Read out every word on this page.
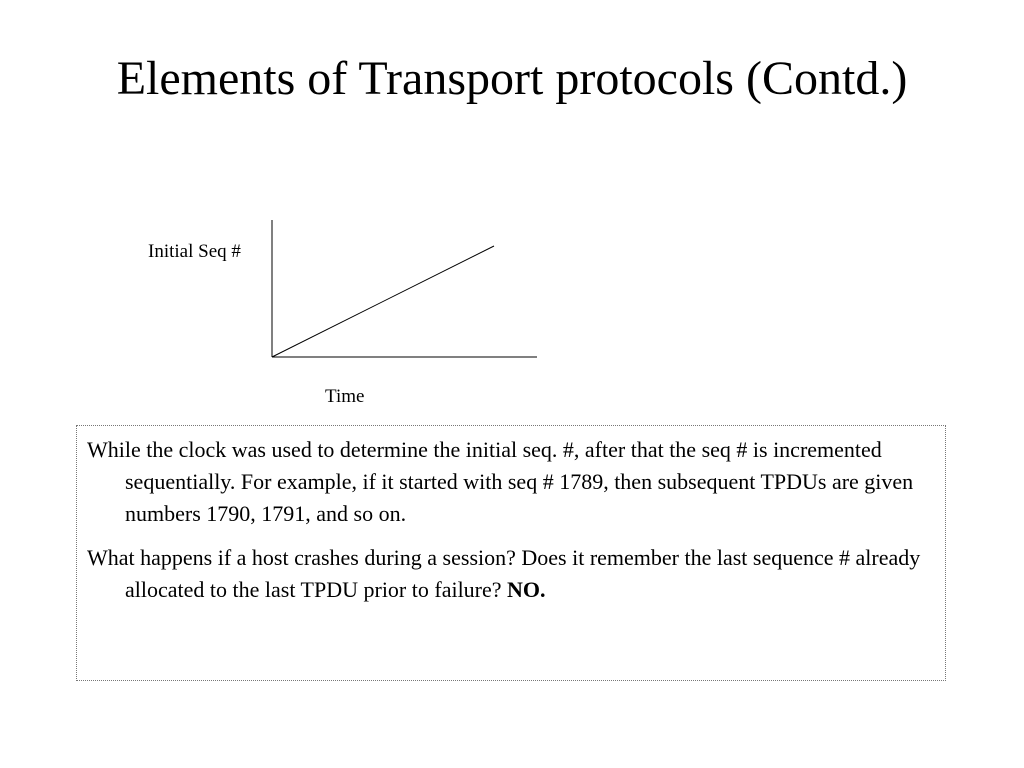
Elements of Transport protocols (Contd.)
Initial Seq #
Time

While the clock was used to determine the initial seq. #, after that the seq # is incremented sequentially. For example, if it started with seq # 1789, then subsequent TPDUs are given numbers 1790, 1791, and so on.

What happens if a host crashes during a session? Does it remember the last sequence # already allocated to the last TPDU prior to failure? NO.
